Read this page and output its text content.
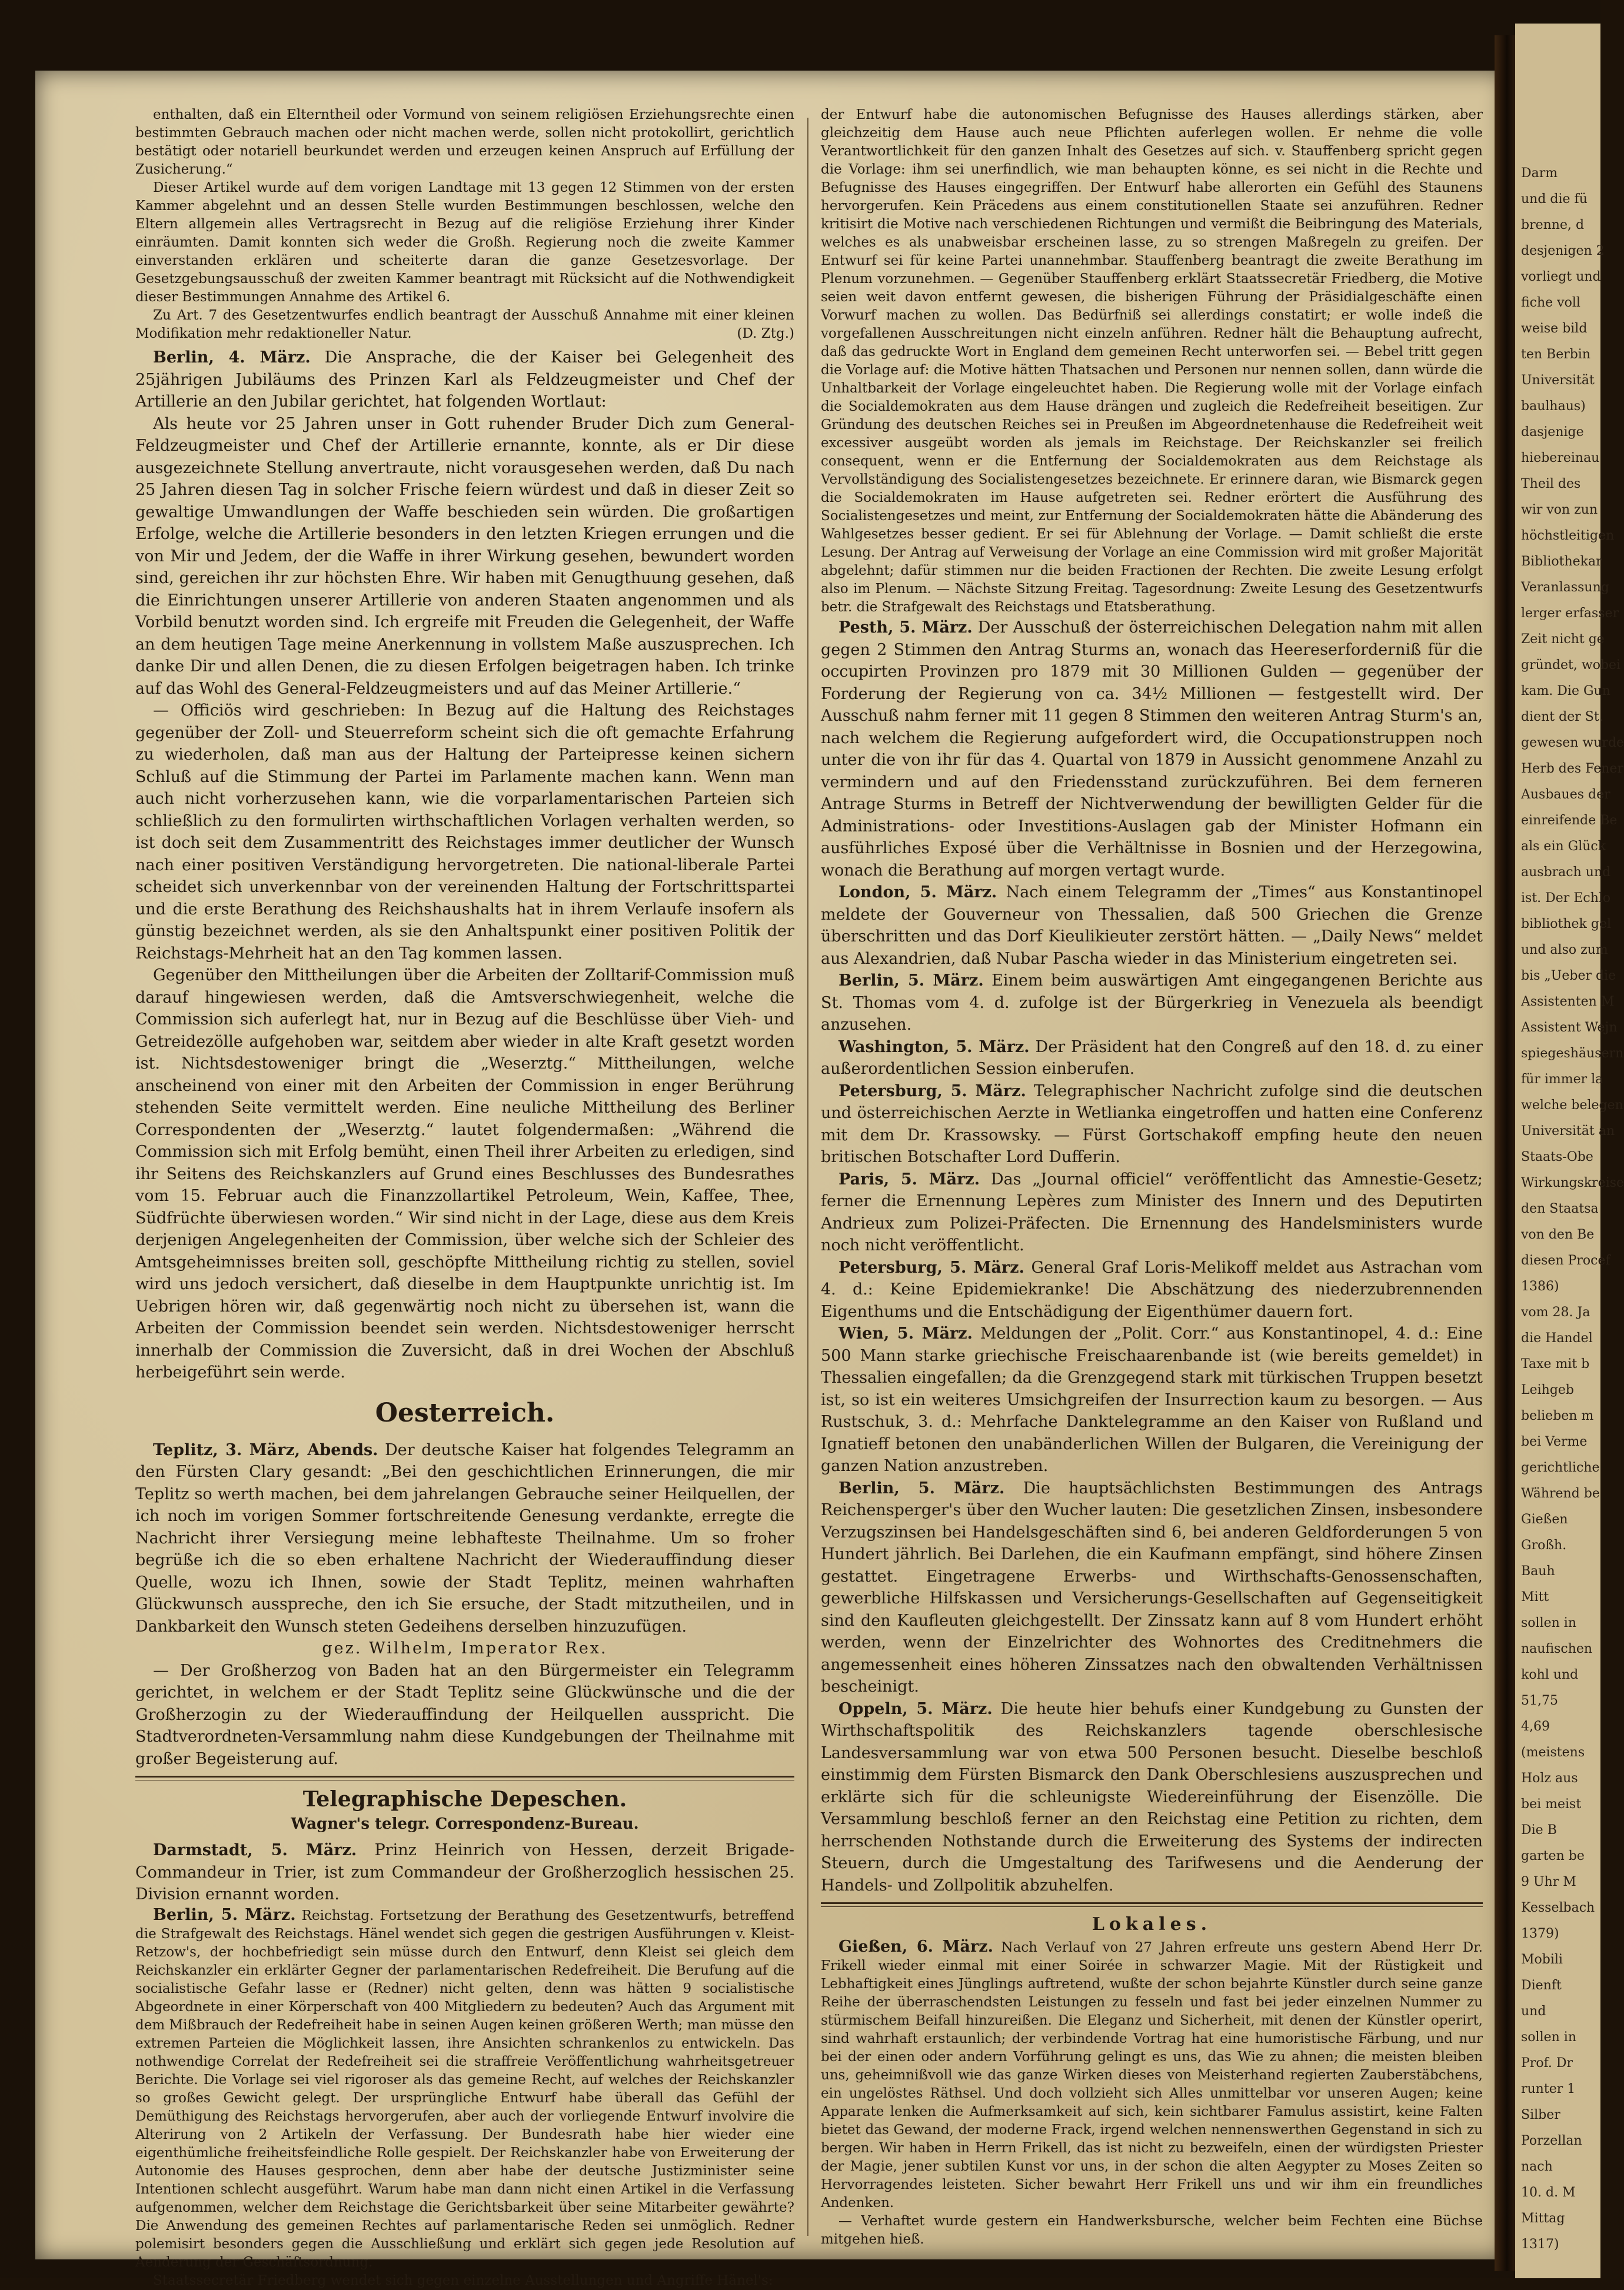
Darm
und die fü
brenne, d
desjenigen 2
vorliegt und
fiche voll
weise bild
ten Berbin
Universität
baulhaus)
dasjenige
hiebereinau
Theil des
wir von zun
höchstleitigen
Bibliothekar
Veranlassung
lerger erfasser
Zeit nicht ge
gründet, wobei
kam. Die Gun
dient der St.
gewesen wurde
Herb des Fener
Ausbaues der
einreifende Be
als ein Glück
ausbrach und
ist. Der Echlo
bibliothek gel
und also zum
bis „Ueber die
Assistenten M
Assistent Wejn
spiegeshäusern
für immer la
welche belegen
Universität an
Staats-Obe
Wirkungskreise
den Staatsa
von den Be
diesen Procef
1386)
vom 28. Ja
die Handel
Taxe mit b
Leihgeb
belieben m
bei Verme
gerichtliche
Während be
Gießen
Großh.
Bauh
Mitt
sollen in
naufischen
kohl und
51,75
4,69
(meistens
Holz aus
bei meist
Die B
garten be
9 Uhr M
Kesselbach
1379)
Mobili
Dienft
und
sollen in
Prof. Dr
runter 1
Silber
Porzellan
nach
10. d. M
Mittag
1317)

enthalten, daß ein Elterntheil oder Vormund von seinem religiösen Erziehungsrechte einen bestimmten Gebrauch machen oder nicht machen werde, sollen nicht protokollirt, gerichtlich bestätigt oder notariell beurkundet werden und erzeugen keinen Anspruch auf Erfüllung der Zusicherung.“

Dieser Artikel wurde auf dem vorigen Landtage mit 13 gegen 12 Stimmen von der ersten Kammer abgelehnt und an dessen Stelle wurden Bestimmungen beschlossen, welche den Eltern allgemein alles Vertragsrecht in Bezug auf die religiöse Erziehung ihrer Kinder einräumten. Damit konnten sich weder die Großh. Regierung noch die zweite Kammer einverstanden erklären und scheiterte daran die ganze Gesetzesvorlage. Der Gesetzgebungsausschuß der zweiten Kammer beantragt mit Rücksicht auf die Nothwendigkeit dieser Bestimmungen Annahme des Artikel 6.

Zu Art. 7 des Gesetzentwurfes endlich beantragt der Ausschuß Annahme mit einer kleinen Modifikation mehr redaktioneller Natur.	(D. Ztg.)

Berlin, 4. März. Die Ansprache, die der Kaiser bei Gelegenheit des 25jährigen Jubiläums des Prinzen Karl als Feldzeugmeister und Chef der Artillerie an den Jubilar gerichtet, hat folgenden Wortlaut:

Als heute vor 25 Jahren unser in Gott ruhender Bruder Dich zum General-Feldzeugmeister und Chef der Artillerie ernannte, konnte, als er Dir diese ausgezeichnete Stellung anvertraute, nicht vorausgesehen werden, daß Du nach 25 Jahren diesen Tag in solcher Frische feiern würdest und daß in dieser Zeit so gewaltige Umwandlungen der Waffe beschieden sein würden. Die großartigen Erfolge, welche die Artillerie besonders in den letzten Kriegen errungen und die von Mir und Jedem, der die Waffe in ihrer Wirkung gesehen, bewundert worden sind, gereichen ihr zur höchsten Ehre. Wir haben mit Genugthuung gesehen, daß die Einrichtungen unserer Artillerie von anderen Staaten angenommen und als Vorbild benutzt worden sind. Ich ergreife mit Freuden die Gelegenheit, der Waffe an dem heutigen Tage meine Anerkennung in vollstem Maße auszusprechen. Ich danke Dir und allen Denen, die zu diesen Erfolgen beigetragen haben. Ich trinke auf das Wohl des General-Feldzeugmeisters und auf das Meiner Artillerie.“

— Officiös wird geschrieben: In Bezug auf die Haltung des Reichstages gegenüber der Zoll- und Steuerreform scheint sich die oft gemachte Erfahrung zu wiederholen, daß man aus der Haltung der Parteipresse keinen sichern Schluß auf die Stimmung der Partei im Parlamente machen kann. Wenn man auch nicht vorherzusehen kann, wie die vorparlamentarischen Parteien sich schließlich zu den formulirten wirthschaftlichen Vorlagen verhalten werden, so ist doch seit dem Zusammentritt des Reichstages immer deutlicher der Wunsch nach einer positiven Verständigung hervorgetreten. Die national-liberale Partei scheidet sich unverkennbar von der vereinenden Haltung der Fortschrittspartei und die erste Berathung des Reichshaushalts hat in ihrem Verlaufe insofern als günstig bezeichnet werden, als sie den Anhaltspunkt einer positiven Politik der Reichstags-Mehrheit hat an den Tag kommen lassen.

Gegenüber den Mittheilungen über die Arbeiten der Zolltarif-Commission muß darauf hingewiesen werden, daß die Amtsverschwiegenheit, welche die Commission sich auferlegt hat, nur in Bezug auf die Beschlüsse über Vieh- und Getreidezölle aufgehoben war, seitdem aber wieder in alte Kraft gesetzt worden ist. Nichtsdestoweniger bringt die „Weserztg.“ Mittheilungen, welche anscheinend von einer mit den Arbeiten der Commission in enger Berührung stehenden Seite vermittelt werden. Eine neuliche Mittheilung des Berliner Correspondenten der „Weserztg.“ lautet folgendermaßen: „Während die Commission sich mit Erfolg bemüht, einen Theil ihrer Arbeiten zu erledigen, sind ihr Seitens des Reichskanzlers auf Grund eines Beschlusses des Bundesrathes vom 15. Februar auch die Finanzzollartikel Petroleum, Wein, Kaffee, Thee, Südfrüchte überwiesen worden.“ Wir sind nicht in der Lage, diese aus dem Kreis derjenigen Angelegenheiten der Commission, über welche sich der Schleier des Amtsgeheimnisses breiten soll, geschöpfte Mittheilung richtig zu stellen, soviel wird uns jedoch versichert, daß dieselbe in dem Hauptpunkte unrichtig ist. Im Uebrigen hören wir, daß gegenwärtig noch nicht zu übersehen ist, wann die Arbeiten der Commission beendet sein werden. Nichtsdestoweniger herrscht innerhalb der Commission die Zuversicht, daß in drei Wochen der Abschluß herbeigeführt sein werde.

Oesterreich.

Teplitz, 3. März, Abends. Der deutsche Kaiser hat folgendes Telegramm an den Fürsten Clary gesandt: „Bei den geschichtlichen Erinnerungen, die mir Teplitz so werth machen, bei dem jahrelangen Gebrauche seiner Heilquellen, der ich noch im vorigen Sommer fortschreitende Genesung verdankte, erregte die Nachricht ihrer Versiegung meine lebhafteste Theilnahme. Um so froher begrüße ich die so eben erhaltene Nachricht der Wiederauffindung dieser Quelle, wozu ich Ihnen, sowie der Stadt Teplitz, meinen wahrhaften Glückwunsch ausspreche, den ich Sie ersuche, der Stadt mitzutheilen, und in Dankbarkeit den Wunsch steten Gedeihens derselben hinzuzufügen.

gez. Wilhelm, Imperator Rex.

— Der Großherzog von Baden hat an den Bürgermeister ein Telegramm gerichtet, in welchem er der Stadt Teplitz seine Glückwünsche und die der Großherzogin zu der Wiederauffindung der Heilquellen ausspricht. Die Stadtverordneten-Versammlung nahm diese Kundgebungen der Theilnahme mit großer Begeisterung auf.

Telegraphische Depeschen.
Wagner's telegr. Correspondenz-Bureau.

Darmstadt, 5. März. Prinz Heinrich von Hessen, derzeit Brigade-Commandeur in Trier, ist zum Commandeur der Großherzoglich hessischen 25. Division ernannt worden.

Berlin, 5. März. Reichstag. Fortsetzung der Berathung des Gesetzentwurfs, betreffend die Strafgewalt des Reichstags. Hänel wendet sich gegen die gestrigen Ausführungen v. Kleist-Retzow's, der hochbefriedigt sein müsse durch den Entwurf, denn Kleist sei gleich dem Reichskanzler ein erklärter Gegner der parlamentarischen Redefreiheit. Die Berufung auf die socialistische Gefahr lasse er (Redner) nicht gelten, denn was hätten 9 socialistische Abgeordnete in einer Körperschaft von 400 Mitgliedern zu bedeuten? Auch das Argument mit dem Mißbrauch der Redefreiheit habe in seinen Augen keinen größeren Werth; man müsse den extremen Parteien die Möglichkeit lassen, ihre Ansichten schrankenlos zu entwickeln. Das nothwendige Correlat der Redefreiheit sei die straffreie Veröffentlichung wahrheitsgetreuer Berichte. Die Vorlage sei viel rigoroser als das gemeine Recht, auf welches der Reichskanzler so großes Gewicht gelegt. Der ursprüngliche Entwurf habe überall das Gefühl der Demüthigung des Reichstags hervorgerufen, aber auch der vorliegende Entwurf involvire die Alterirung von 2 Artikeln der Verfassung. Der Bundesrath habe hier wieder eine eigenthümliche freiheitsfeindliche Rolle gespielt. Der Reichskanzler habe von Erweiterung der Autonomie des Hauses gesprochen, denn aber habe der deutsche Justizminister seine Intentionen schlecht ausgeführt. Warum habe man dann nicht einen Artikel in die Verfassung aufgenommen, welcher dem Reichstage die Gerichtsbarkeit über seine Mitarbeiter gewährte? Die Anwendung des gemeinen Rechtes auf parlamentarische Reden sei unmöglich. Redner polemisirt besonders gegen die Ausschließung und erklärt sich gegen jede Resolution auf Aenderung der Geschäftsordnung.

Staatssecretär Friedberg wendet sich gegen einzelne Ausstellungen und Angriffe Hänel's:

der Entwurf habe die autonomischen Befugnisse des Hauses allerdings stärken, aber gleichzeitig dem Hause auch neue Pflichten auferlegen wollen. Er nehme die volle Verantwortlichkeit für den ganzen Inhalt des Gesetzes auf sich. v. Stauffenberg spricht gegen die Vorlage: ihm sei unerfindlich, wie man behaupten könne, es sei nicht in die Rechte und Befugnisse des Hauses eingegriffen. Der Entwurf habe allerorten ein Gefühl des Staunens hervorgerufen. Kein Präcedens aus einem constitutionellen Staate sei anzuführen. Redner kritisirt die Motive nach verschiedenen Richtungen und vermißt die Beibringung des Materials, welches es als unabweisbar erscheinen lasse, zu so strengen Maßregeln zu greifen. Der Entwurf sei für keine Partei unannehmbar. Stauffenberg beantragt die zweite Berathung im Plenum vorzunehmen. — Gegenüber Stauffenberg erklärt Staatssecretär Friedberg, die Motive seien weit davon entfernt gewesen, die bisherigen Führung der Präsidialgeschäfte einen Vorwurf machen zu wollen. Das Bedürfniß sei allerdings constatirt; er wolle indeß die vorgefallenen Ausschreitungen nicht einzeln anführen. Redner hält die Behauptung aufrecht, daß das gedruckte Wort in England dem gemeinen Recht unterworfen sei. — Bebel tritt gegen die Vorlage auf: die Motive hätten Thatsachen und Personen nur nennen sollen, dann würde die Unhaltbarkeit der Vorlage eingeleuchtet haben. Die Regierung wolle mit der Vorlage einfach die Socialdemokraten aus dem Hause drängen und zugleich die Redefreiheit beseitigen. Zur Gründung des deutschen Reiches sei in Preußen im Abgeordnetenhause die Redefreiheit weit excessiver ausgeübt worden als jemals im Reichstage. Der Reichskanzler sei freilich consequent, wenn er die Entfernung der Socialdemokraten aus dem Reichstage als Vervollständigung des Socialistengesetzes bezeichnete. Er erinnere daran, wie Bismarck gegen die Socialdemokraten im Hause aufgetreten sei. Redner erörtert die Ausführung des Socialistengesetzes und meint, zur Entfernung der Socialdemokraten hätte die Abänderung des Wahlgesetzes besser gedient. Er sei für Ablehnung der Vorlage. — Damit schließt die erste Lesung. Der Antrag auf Verweisung der Vorlage an eine Commission wird mit großer Majorität abgelehnt; dafür stimmen nur die beiden Fractionen der Rechten. Die zweite Lesung erfolgt also im Plenum. — Nächste Sitzung Freitag. Tagesordnung: Zweite Lesung des Gesetzentwurfs betr. die Strafgewalt des Reichstags und Etatsberathung.

Pesth, 5. März. Der Ausschuß der österreichischen Delegation nahm mit allen gegen 2 Stimmen den Antrag Sturms an, wonach das Heereserforderniß für die occupirten Provinzen pro 1879 mit 30 Millionen Gulden — gegenüber der Forderung der Regierung von ca. 34½ Millionen — festgestellt wird. Der Ausschuß nahm ferner mit 11 gegen 8 Stimmen den weiteren Antrag Sturm's an, nach welchem die Regierung aufgefordert wird, die Occupationstruppen noch unter die von ihr für das 4. Quartal von 1879 in Aussicht genommene Anzahl zu vermindern und auf den Friedensstand zurückzuführen. Bei dem ferneren Antrage Sturms in Betreff der Nichtverwendung der bewilligten Gelder für die Administrations- oder Investitions-Auslagen gab der Minister Hofmann ein ausführliches Exposé über die Verhältnisse in Bosnien und der Herzegowina, wonach die Berathung auf morgen vertagt wurde.

London, 5. März. Nach einem Telegramm der „Times“ aus Konstantinopel meldete der Gouverneur von Thessalien, daß 500 Griechen die Grenze überschritten und das Dorf Kieulikieuter zerstört hätten. — „Daily News“ meldet aus Alexandrien, daß Nubar Pascha wieder in das Ministerium eingetreten sei.

Berlin, 5. März. Einem beim auswärtigen Amt eingegangenen Berichte aus St. Thomas vom 4. d. zufolge ist der Bürgerkrieg in Venezuela als beendigt anzusehen.

Washington, 5. März. Der Präsident hat den Congreß auf den 18. d. zu einer außerordentlichen Session einberufen.

Petersburg, 5. März. Telegraphischer Nachricht zufolge sind die deutschen und österreichischen Aerzte in Wetlianka eingetroffen und hatten eine Conferenz mit dem Dr. Krassowsky. — Fürst Gortschakoff empfing heute den neuen britischen Botschafter Lord Dufferin.

Paris, 5. März. Das „Journal officiel“ veröffentlicht das Amnestie-Gesetz; ferner die Ernennung Lepères zum Minister des Innern und des Deputirten Andrieux zum Polizei-Präfecten. Die Ernennung des Handelsministers wurde noch nicht veröffentlicht.

Petersburg, 5. März. General Graf Loris-Melikoff meldet aus Astrachan vom 4. d.: Keine Epidemiekranke! Die Abschätzung des niederzubrennenden Eigenthums und die Entschädigung der Eigenthümer dauern fort.

Wien, 5. März. Meldungen der „Polit. Corr.“ aus Konstantinopel, 4. d.: Eine 500 Mann starke griechische Freischaarenbande ist (wie bereits gemeldet) in Thessalien eingefallen; da die Grenzgegend stark mit türkischen Truppen besetzt ist, so ist ein weiteres Umsichgreifen der Insurrection kaum zu besorgen. — Aus Rustschuk, 3. d.: Mehrfache Danktelegramme an den Kaiser von Rußland und Ignatieff betonen den unabänderlichen Willen der Bulgaren, die Vereinigung der ganzen Nation anzustreben.

Berlin, 5. März. Die hauptsächlichsten Bestimmungen des Antrags Reichensperger's über den Wucher lauten: Die gesetzlichen Zinsen, insbesondere Verzugszinsen bei Handelsgeschäften sind 6, bei anderen Geldforderungen 5 von Hundert jährlich. Bei Darlehen, die ein Kaufmann empfängt, sind höhere Zinsen gestattet. Eingetragene Erwerbs- und Wirthschafts-Genossenschaften, gewerbliche Hilfskassen und Versicherungs-Gesellschaften auf Gegenseitigkeit sind den Kaufleuten gleichgestellt. Der Zinssatz kann auf 8 vom Hundert erhöht werden, wenn der Einzelrichter des Wohnortes des Creditnehmers die angemessenheit eines höheren Zinssatzes nach den obwaltenden Verhältnissen bescheinigt.

Oppeln, 5. März. Die heute hier behufs einer Kundgebung zu Gunsten der Wirthschaftspolitik des Reichskanzlers tagende oberschlesische Landesversammlung war von etwa 500 Personen besucht. Dieselbe beschloß einstimmig dem Fürsten Bismarck den Dank Oberschlesiens auszusprechen und erklärte sich für die schleunigste Wiedereinführung der Eisenzölle. Die Versammlung beschloß ferner an den Reichstag eine Petition zu richten, dem herrschenden Nothstande durch die Erweiterung des Systems der indirecten Steuern, durch die Umgestaltung des Tarifwesens und die Aenderung der Handels- und Zollpolitik abzuhelfen.

Lokales.

Gießen, 6. März. Nach Verlauf von 27 Jahren erfreute uns gestern Abend Herr Dr. Frikell wieder einmal mit einer Soirée in schwarzer Magie. Mit der Rüstigkeit und Lebhaftigkeit eines Jünglings auftretend, wußte der schon bejahrte Künstler durch seine ganze Reihe der überraschendsten Leistungen zu fesseln und fast bei jeder einzelnen Nummer zu stürmischem Beifall hinzureißen. Die Eleganz und Sicherheit, mit denen der Künstler operirt, sind wahrhaft erstaunlich; der verbindende Vortrag hat eine humoristische Färbung, und nur bei der einen oder andern Vorführung gelingt es uns, das Wie zu ahnen; die meisten bleiben uns, geheimnißvoll wie das ganze Wirken dieses von Meisterhand regierten Zauberstäbchens, ein ungelöstes Räthsel. Und doch vollzieht sich Alles unmittelbar vor unseren Augen; keine Apparate lenken die Aufmerksamkeit auf sich, kein sichtbarer Famulus assistirt, keine Falten bietet das Gewand, der moderne Frack, irgend welchen nennenswerthen Gegenstand in sich zu bergen. Wir haben in Herrn Frikell, das ist nicht zu bezweifeln, einen der würdigsten Priester der Magie, jener subtilen Kunst vor uns, in der schon die alten Aegypter zu Moses Zeiten so Hervorragendes leisteten. Sicher bewahrt Herr Frikell uns und wir ihm ein freundliches Andenken.

— Verhaftet wurde gestern ein Handwerksbursche, welcher beim Fechten eine Büchse mitgehen hieß.
